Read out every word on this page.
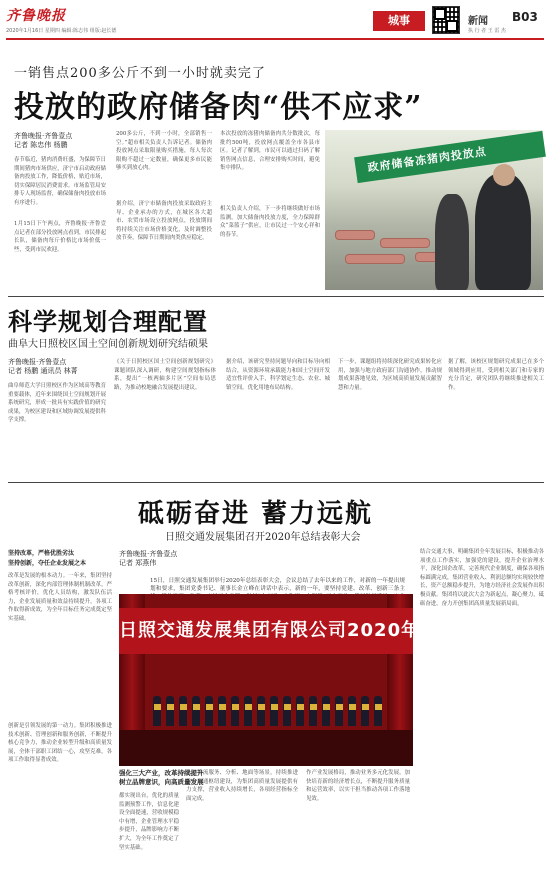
齐鲁晚报
2020年1月16日 星期四 编辑:陈志伟 组版:赵长德
城事	新闻 B03
执 行 者 王 雷 杰
一销售点200多公斤不到一小时就卖完了
投放的政府储备肉“供不应求”
齐鲁晚报·齐鲁壹点
记者 陈忠伟 杨鹏
春节临近，猪肉消费旺盛，为保障节日期间猪肉市场供应，济宁市启动政府储备肉投放工作，降低价格，贴近市场，切实保障居民消费需求。市场监管局安排专人现场监督，确保储备肉投放市场有序进行。
1月15日下午两点，齐鲁晚报·齐鲁壹点记者在部分投放网点看到，市民排起长队，储备肉每斤价格比市场价低一些，受到市民欢迎。
200多公斤，不到一小时，全部销售一空。”超市相关负责人告诉记者。储备肉投放网点采取限量购买措施，每人每次限购不超过一定数量，确保更多市民能够买到放心肉。
据介绍，济宁市储备肉投放采取政府主导、企业承办的方式，在城区各大超市、农贸市场设立投放网点，投放期间将持续关注市场价格变化，及时调整投放节奏，保障节日期间肉类供应稳定。
本次投放的冻猪肉储备肉共分数批次，每批约500吨，投放网点覆盖全市各县市区。记者了解到，市民可以通过扫码了解销售网点信息，合理安排购买时间，避免集中排队。
相关负责人介绍，下一步将继续做好市场监测，加大储备肉投放力度，全力保障群众“菜篮子”供应，让市民过一个安心祥和的春节。
政府储备冻猪肉投放点
科学规划合理配置
曲阜大日照校区国土空间创新规划研究结硕果
齐鲁晚报·齐鲁壹点
记者 杨鹏 通讯员 林菁
曲阜师范大学日照校区作为区域高等教育重要载体，近年来围绕国土空间规划开展系统研究，形成一批具有实践价值的研究成果，为校区建设和区域协调发展提供科学支撑。
《关于日照校区国土空间创新规划研究》课题团队深入调研，构建空间规划指标体系，提出“一核两轴多片区”空间布局思路，为推动校地融合发展提出建议。
据介绍，该研究坚持问题导向和目标导向相结合，从资源环境承载能力和国土空间开发适宜性评价入手，科学划定生态、农业、城镇空间，优化用地布局结构。
下一步，课题组将持续深化研究成果转化应用，加强与地方政府部门沟通协作，推动规划成果落地见效，为区域高质量发展贡献智慧和力量。
据了解，该校区规划研究成果已在多个领域得到应用，受到相关部门和专家的充分肯定，研究团队将继续推进相关工作。
砥砺奋进 蓄力远航
日照交通发展集团召开2020年总结表彰大会
坚持改革，严格优胜劣汰
坚持创新，夺任企业发展之本
改革是发展的根本动力。一年来，集团坚持改革创新，深化内部管理体制机制改革，严格考核评价，优化人员结构，激发队伍活力，企业发展质量和效益持续提升，各项工作取得新成效，为全年目标任务完成奠定坚实基础。
创新是引领发展的第一动力。集团积极推进技术创新、管理创新和服务创新，不断提升核心竞争力，推动企业转型升级和高质量发展，全体干部职工团结一心，攻坚克难，各项工作取得显著成效。
齐鲁晚报·齐鲁壹点
记者 郑燕伟
15日，日照交通发展集团举行2020年总结表彰大会，会议总结了去年以来的工作，对新的一年提出规划和要求，集团党委书记、董事长金立峰在讲话中表示，新的一年，要坚持党建、改革、创新三条主
日照交通发展集团有限公司2020年总结表彰大会
强化三大产业，改革持续提升
树立品牌意识，向高质量发展
都实现出台，优化的质量监测预警工作，信息化建设全面提速，营收规模稳中有增，企业管理水平稳步提升，品牌影响力不断扩大，为全年工作奠定了坚实基础。
队、物流服务、分析、地面等场景，持续推进综合交通枢纽建设，为集团高质量发展提供有力支撑，营业收入持续增长，各项经营指标全面完成。
作产业发展格局，推动业务多元化发展，加快培育新的经济增长点，不断提升服务质量和运营效率，以实干担当推动各项工作落地见效。
结合交通大事，明确集团全年发展目标，积极推动各项重点工作落实，加强党的建设，提升企业治理水平，深化国企改革，完善现代企业制度，确保各项指标圆满完成，集团营业收入、利润总额均实现较快增长，资产总额稳步提升，为地方经济社会发展作出积极贡献。集团将以此次大会为新起点，凝心聚力，砥砺奋进，奋力开创集团高质量发展新局面。
